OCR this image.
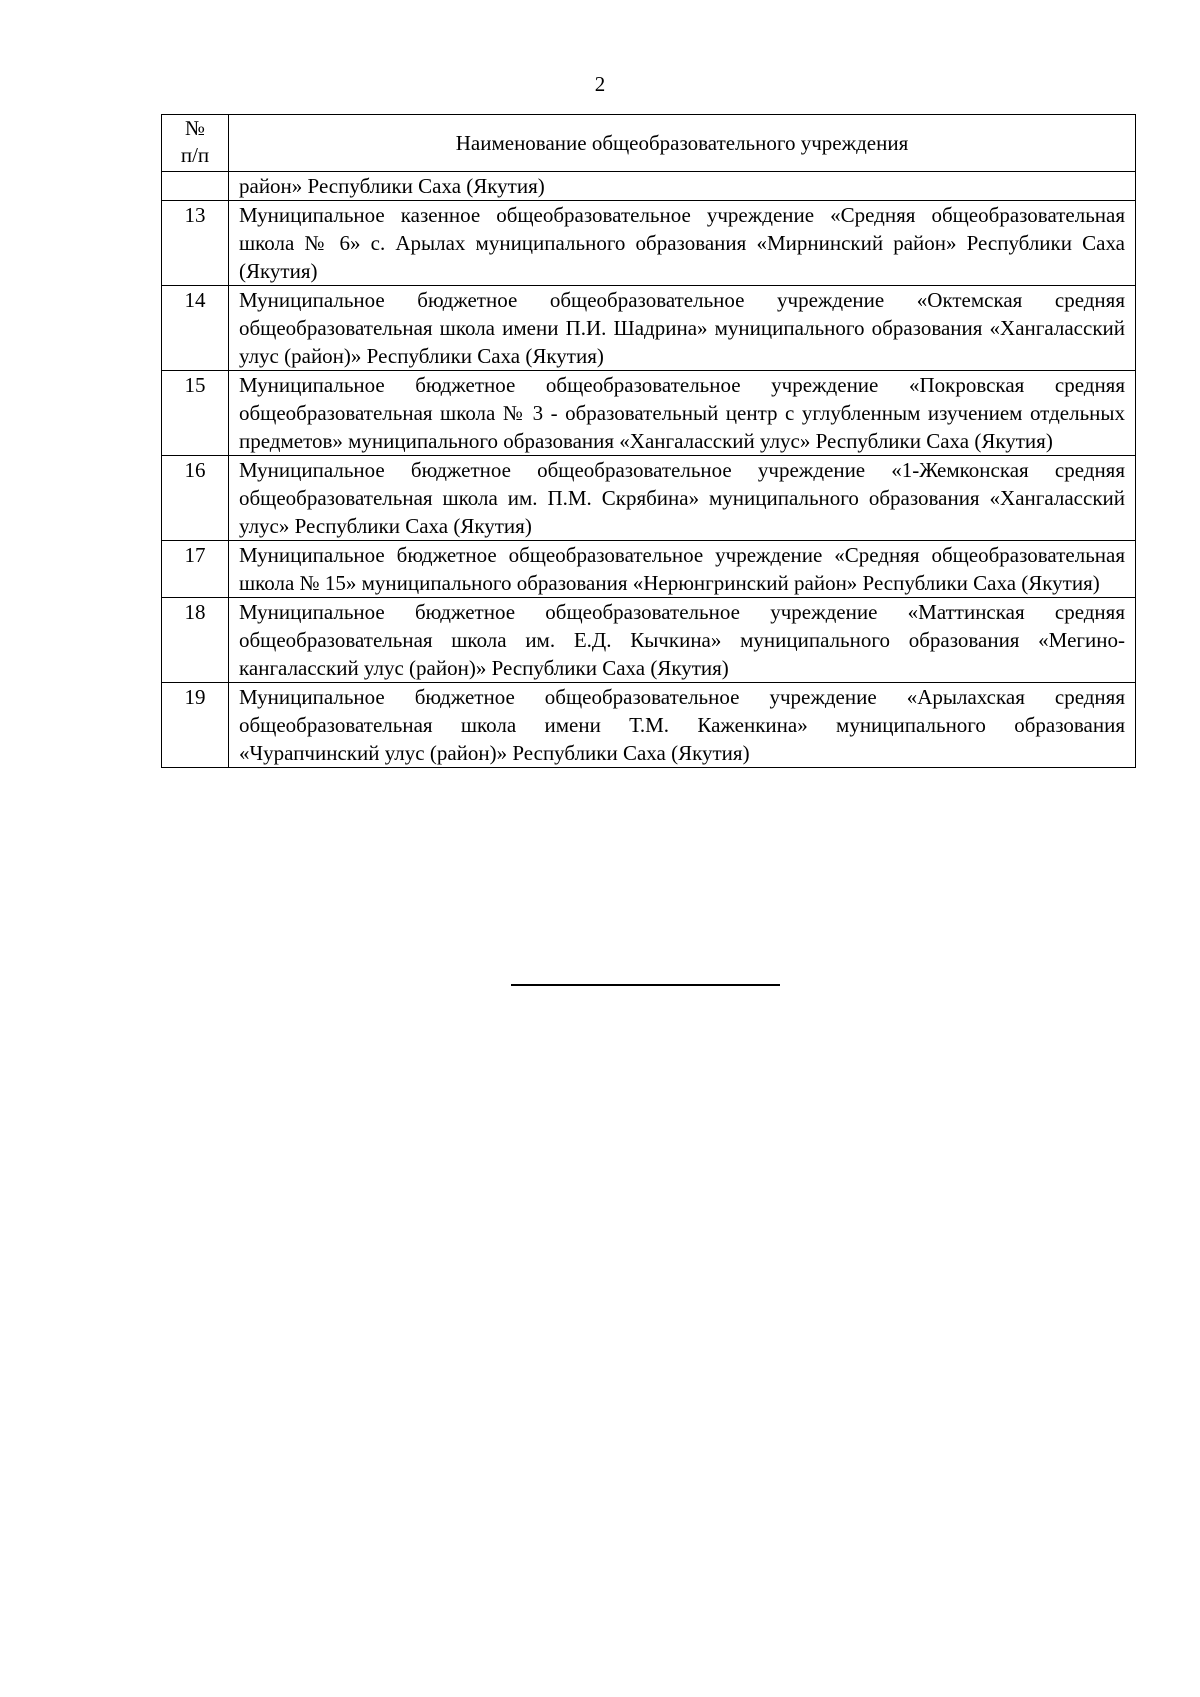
2
№
п/п	Наименование общеобразовательного учреждения
	район» Республики Саха (Якутия)
13	Муниципальное казенное общеобразовательное учреждение «Средняя общеобразовательная школа № 6» с. Арылах муниципального образования «Мирнинский район» Республики Саха (Якутия)
14	Муниципальное бюджетное общеобразовательное учреждение «Октемская средняя общеобразовательная школа имени П.И. Шадрина» муниципального образования «Хангаласский улус (район)» Республики Саха (Якутия)
15	Муниципальное бюджетное общеобразовательное учреждение «Покровская средняя общеобразовательная школа № 3 - образовательный центр с углубленным изучением отдельных предметов» муниципального образования «Хангаласский улус» Республики Саха (Якутия)
16	Муниципальное бюджетное общеобразовательное учреждение «1-Жемконская средняя общеобразовательная школа им. П.М. Скрябина» муниципального образования «Хангаласский улус» Республики Саха (Якутия)
17	Муниципальное бюджетное общеобразовательное учреждение «Средняя общеобразовательная школа № 15» муниципального образования «Нерюнгринский район» Республики Саха (Якутия)
18	Муниципальное бюджетное общеобразовательное учреждение «Маттинская средняя общеобразовательная школа им. Е.Д. Кычкина» муниципального образования «Мегино-кангаласский улус (район)» Республики Саха (Якутия)
19	Муниципальное бюджетное общеобразовательное учреждение «Арылахская средняя общеобразовательная школа имени Т.М. Каженкина» муниципального образования «Чурапчинский улус (район)» Республики Саха (Якутия)
